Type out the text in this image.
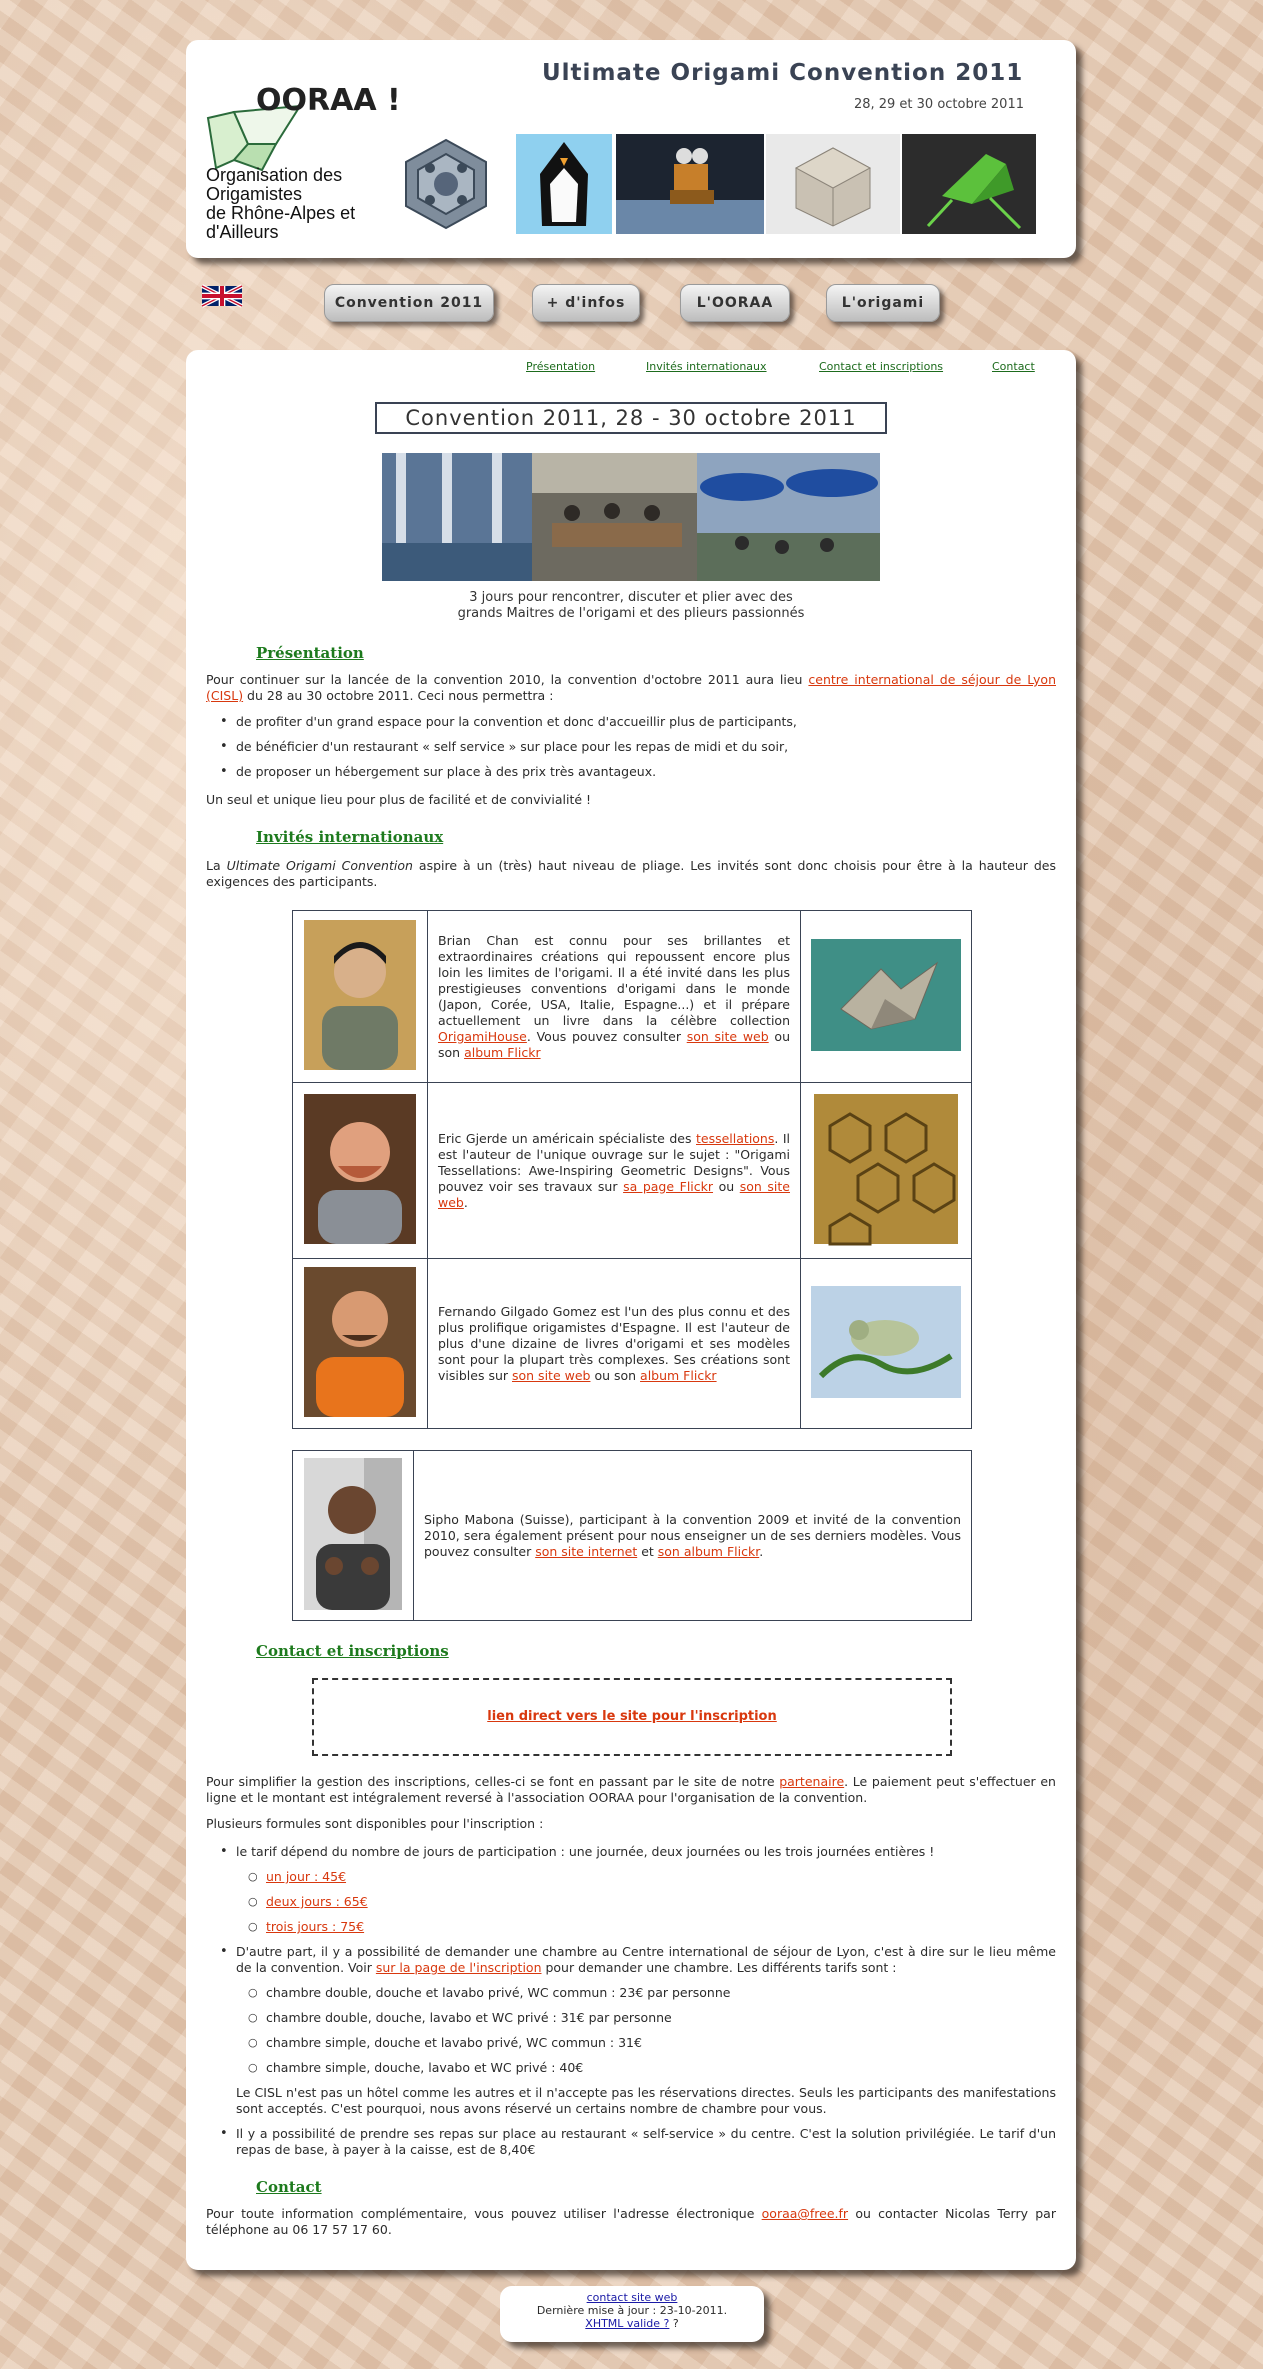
OORAA !
Organisation des
Origamistes
de Rhône-Alpes et
d'Ailleurs
Ultimate Origami Convention 2011
28, 29 et 30 octobre 2011
Convention 2011	+ d'infos	L'OORAA	L'origami
Présentation	Invités internationaux	Contact et inscriptions	Contact
Convention 2011, 28 - 30 octobre 2011
3 jours pour rencontrer, discuter et plier avec des
grands Maitres de l'origami et des plieurs passionnés
Présentation
Pour continuer sur la lancée de la convention 2010, la convention d'octobre 2011 aura lieu centre international de séjour de Lyon (CISL) du 28 au 30 octobre 2011. Ceci nous permettra :
• de profiter d'un grand espace pour la convention et donc d'accueillir plus de participants,
• de bénéficier d'un restaurant « self service » sur place pour les repas de midi et du soir,
• de proposer un hébergement sur place à des prix très avantageux.
Un seul et unique lieu pour plus de facilité et de convivialité !
Invités internationaux
La Ultimate Origami Convention aspire à un (très) haut niveau de pliage. Les invités sont donc choisis pour être à la hauteur des exigences des participants.
	Brian Chan est connu pour ses brillantes et extraordinaires créations qui repoussent encore plus loin les limites de l'origami. Il a été invité dans les plus prestigieuses conventions d'origami dans le monde (Japon, Corée, USA, Italie, Espagne...) et il prépare actuellement un livre dans la célèbre collection OrigamiHouse. Vous pouvez consulter son site web ou son album Flickr	
	Eric Gjerde un américain spécialiste des tessellations. Il est l'auteur de l'unique ouvrage sur le sujet : "Origami Tessellations: Awe-Inspiring Geometric Designs". Vous pouvez voir ses travaux sur sa page Flickr ou son site web.	
	Fernando Gilgado Gomez est l'un des plus connu et des plus prolifique origamistes d'Espagne. Il est l'auteur de plus d'une dizaine de livres d'origami et ses modèles sont pour la plupart très complexes. Ses créations sont visibles sur son site web ou son album Flickr	
	Sipho Mabona (Suisse), participant à la convention 2009 et invité de la convention 2010, sera également présent pour nous enseigner un de ses derniers modèles. Vous pouvez consulter son site internet et son album Flickr.
Contact et inscriptions
lien direct vers le site pour l'inscription
Pour simplifier la gestion des inscriptions, celles-ci se font en passant par le site de notre partenaire. Le paiement peut s'effectuer en ligne et le montant est intégralement reversé à l'association OORAA pour l'organisation de la convention.
Plusieurs formules sont disponibles pour l'inscription :
• le tarif dépend du nombre de jours de participation : une journée, deux journées ou les trois journées entières !
○ un jour : 45€
○ deux jours : 65€
○ trois jours : 75€
• D'autre part, il y a possibilité de demander une chambre au Centre international de séjour de Lyon, c'est à dire sur le lieu même de la convention. Voir sur la page de l'inscription pour demander une chambre. Les différents tarifs sont :
○ chambre double, douche et lavabo privé, WC commun : 23€ par personne
○ chambre double, douche, lavabo et WC privé : 31€ par personne
○ chambre simple, douche et lavabo privé, WC commun : 31€
○ chambre simple, douche, lavabo et WC privé : 40€
Le CISL n'est pas un hôtel comme les autres et il n'accepte pas les réservations directes. Seuls les participants des manifestations sont acceptés. C'est pourquoi, nous avons réservé un certains nombre de chambre pour vous.
• Il y a possibilité de prendre ses repas sur place au restaurant « self-service » du centre. C'est la solution privilégiée. Le tarif d'un repas de base, à payer à la caisse, est de 8,40€
Contact
Pour toute information complémentaire, vous pouvez utiliser l'adresse électronique ooraa@free.fr ou contacter Nicolas Terry par téléphone au 06 17 57 17 60.
contact site web
Dernière mise à jour : 23-10-2011.
XHTML valide ? ?
